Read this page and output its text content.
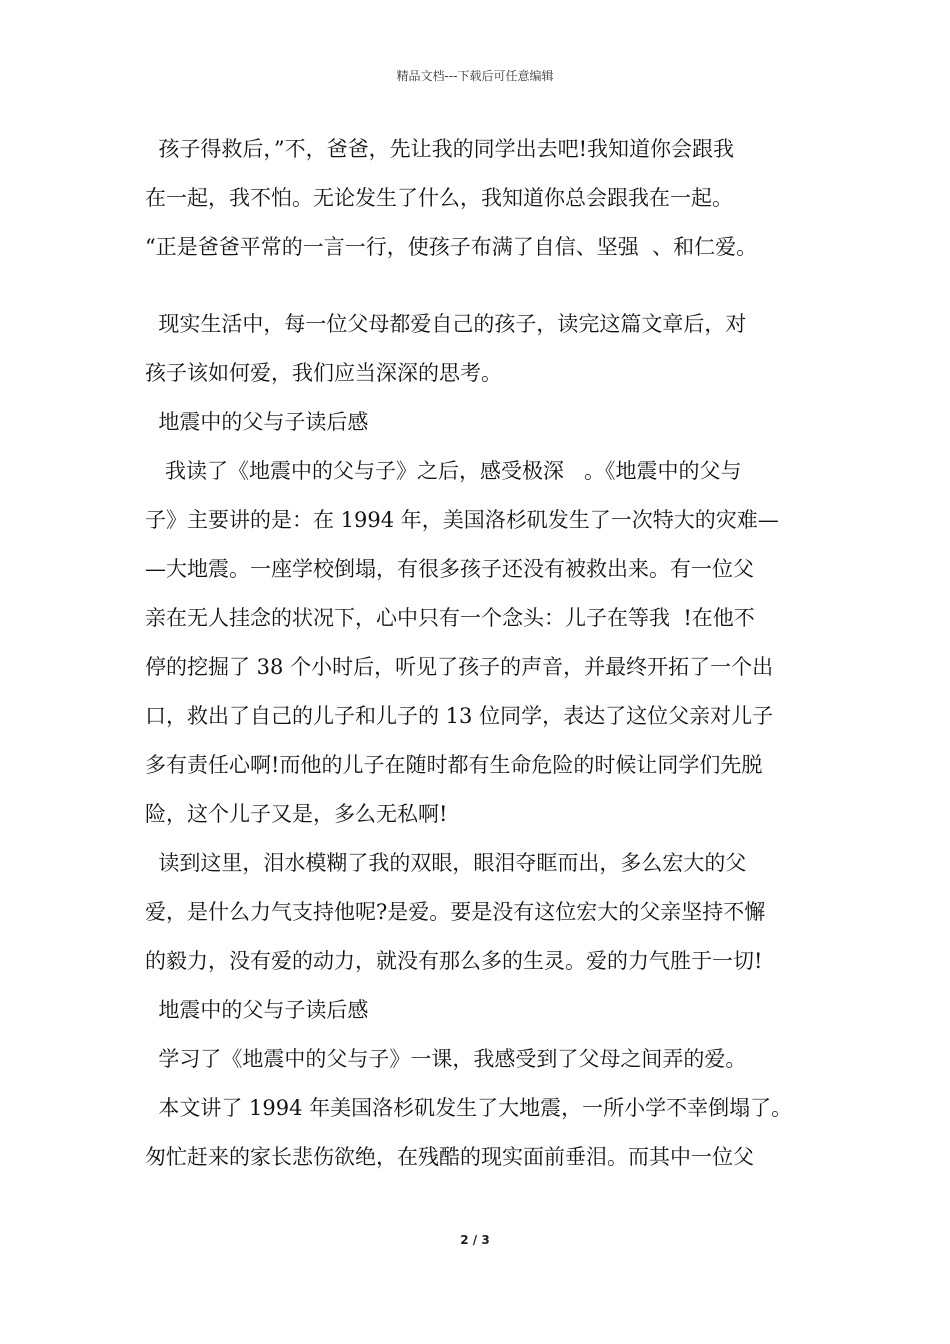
精品文档---下载后可任意编辑
孩子得救后，”不，爸爸，先让我的同学出去吧!我知道你会跟我
在一起，我不怕。无论发生了什么，我知道你总会跟我在一起。
“正是爸爸平常的一言一行，使孩子布满了自信、坚强  、和仁爱。
现实生活中，每一位父母都爱自己的孩子，读完这篇文章后，对
孩子该如何爱，我们应当深深的思考。
地震中的父与子读后感
我读了《地震中的父与子》之后，感受极深   。《地震中的父与
子》主要讲的是：在 1994 年，美国洛杉矶发生了一次特大的灾难—
—大地震。一座学校倒塌，有很多孩子还没有被救出来。有一位父
亲在无人挂念的状况下，心中只有一个念头：儿子在等我  !在他不
停的挖掘了 38 个小时后，听见了孩子的声音，并最终开拓了一个出
口，救出了自己的儿子和儿子的 13 位同学，表达了这位父亲对儿子
多有责任心啊!而他的儿子在随时都有生命危险的时候让同学们先脱
险，这个儿子又是，多么无私啊!
读到这里，泪水模糊了我的双眼，眼泪夺眶而出，多么宏大的父
爱，是什么力气支持他呢?是爱。要是没有这位宏大的父亲坚持不懈
的毅力，没有爱的动力，就没有那么多的生灵。爱的力气胜于一切!
地震中的父与子读后感
学习了《地震中的父与子》一课，我感受到了父母之间弄的爱。
本文讲了 1994 年美国洛杉矶发生了大地震，一所小学不幸倒塌了。
匆忙赶来的家长悲伤欲绝，在残酷的现实面前垂泪。而其中一位父
2 / 3
